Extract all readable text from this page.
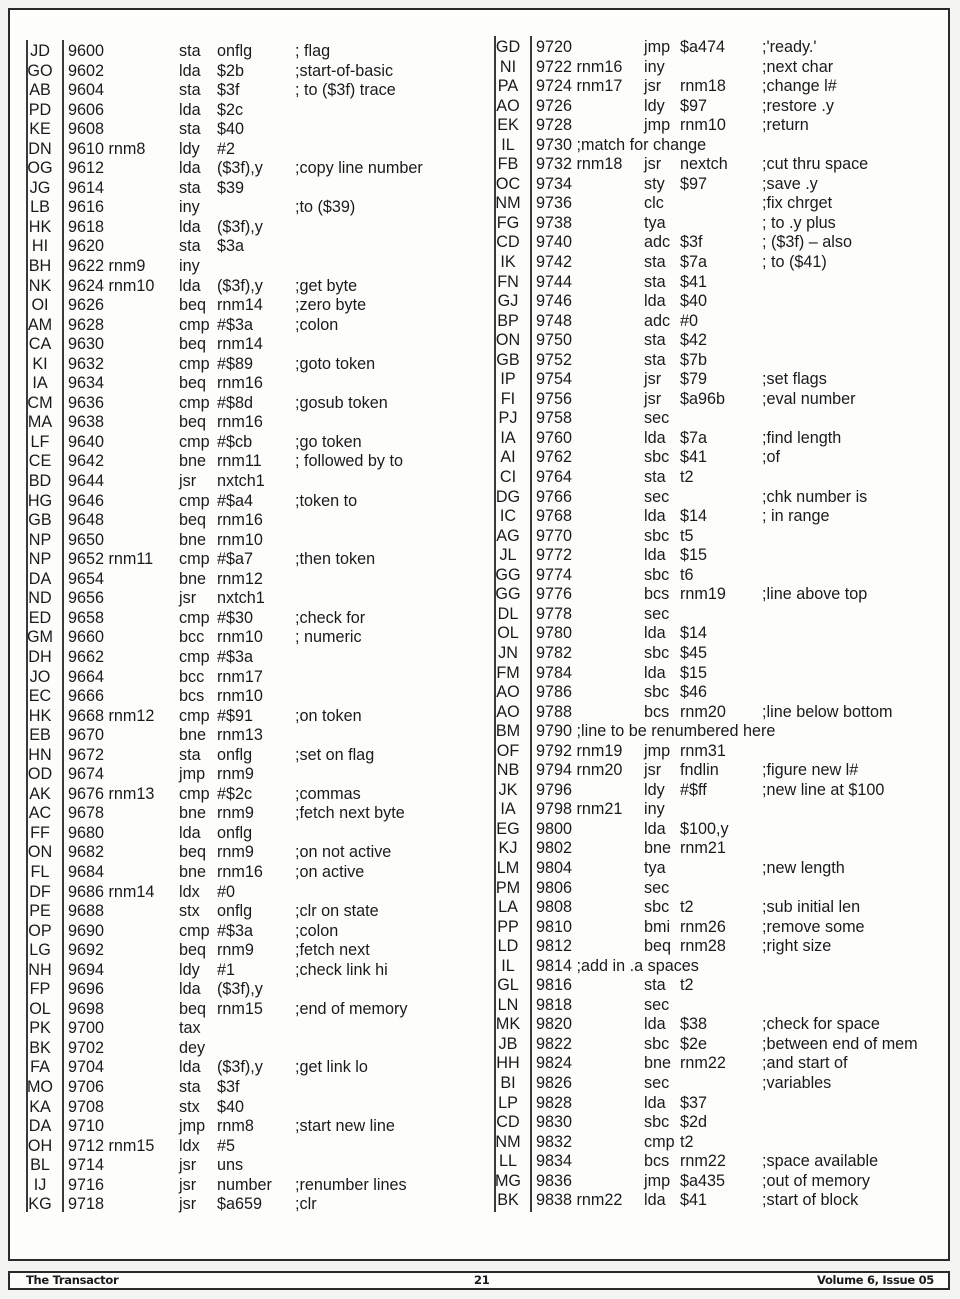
JD	9600	sta onflg	; flag
GO 9602	lda $2b	;start-of-basic
AB	9604	sta $3f	; to ($3f) trace
PD	9606	lda $2c
KE	9608	sta $40
DN	9610 rnm8 ldy #2
OG 9612	lda ($3f),y ;copy line number
JG	9614	sta $39
LB	9616	iny	;to ($39)
HK	9618	lda ($3f),y
HI	9620	sta $3a
BH	9622 rnm9 iny
NK	9624 rnm10 lda ($3f),y ;get byte
OI	9626	beq rnm14 ;zero byte
AM 9628	cmp #$3a	;colon
CA	9630	beq rnm14
KI	9632	cmp #$89	;goto token
IA	9634	beq rnm16
CM 9636	cmp #$8d	;gosub token
MA 9638	beq rnm16
LF	9640	cmp #$cb	;go token
CE	9642	bne rnm11 ; followed by to
BD	9644	jsr nxtch1
HG 9646	cmp #$a4	;token to
GB	9648	beq rnm16
NP	9650	bne rnm10
NP	9652 rnm11 cmp #$a7	;then token
DA	9654	bne rnm12
ND	9656	jsr nxtch1
ED	9658	cmp #$30	;check for
GM 9660	bcc rnm10 ; numeric
DH	9662	cmp #$3a
JO	9664	bcc rnm17
EC	9666	bcs rnm10
HK	9668 rnm12 cmp #$91	;on token
EB	9670	bne rnm13
HN	9672	sta onflg	;set on flag
OD 9674	jmp rnm9
AK	9676 rnm13 cmp #$2c	;commas
AC	9678	bne rnm9	;fetch next byte
FF	9680	lda onflg
ON 9682	beq rnm9	;on not active
FL	9684	bne rnm16 ;on active
DF	9686 rnm14 ldx #0
PE	9688	stx onflg	;clr on state
OP	9690	cmp #$3a	;colon
LG	9692	beq rnm9	;fetch next
NH	9694	ldy #1	;check link hi
FP	9696	lda ($3f),y
OL	9698	beq rnm15 ;end of memory
PK	9700	tax
BK	9702	dey
FA	9704	lda ($3f),y ;get link lo
MO 9706	sta $3f
KA	9708	stx $40
DA	9710	jmp rnm8	;start new line
OH 9712 rnm15 ldx #5
BL	9714	jsr uns
IJ	9716	jsr number ;renumber lines
KG	9718	jsr $a659 ;clr
GD 9720	jmp $a474 ;'ready.'
NI	9722 rnm16 iny	;next char
PA	9724 rnm17 jsr rnm18 ;change l#
AO	9726	ldy $97	;restore .y
EK	9728	jmp rnm10 ;return
IL	9730 ;match for change
FB	9732 rnm18 jsr nextch ;cut thru space
OC 9734	sty $97	;save .y
NM 9736	clc	;fix chrget
FG	9738	tya	; to .y plus
CD	9740	adc $3f	; ($3f) – also
IK	9742	sta $7a	; to ($41)
FN	9744	sta $41
GJ	9746	lda $40
BP	9748	adc #0
ON 9750	sta $42
GB	9752	sta $7b
IP	9754	jsr $79	;set flags
FI	9756	jsr $a96b ;eval number
PJ	9758	sec
IA	9760	lda $7a	;find length
AI	9762	sbc $41	;of
CI	9764	sta t2
DG 9766	sec	;chk number is
IC	9768	lda $14	; in range
AG	9770	sbc t5
JL	9772	lda $15
GG 9774	sbc t6
GG 9776	bcs rnm19 ;line above top
DL	9778	sec
OL	9780	lda $14
JN	9782	sbc $45
FM	9784	lda $15
AO	9786	sbc $46
AO	9788	bcs rnm20 ;line below bottom
BM 9790 ;line to be renumbered here
OF	9792 rnm19 jmp rnm31
NB	9794 rnm20 jsr fndlin	;figure new l#
JK	9796	ldy #$ff	;new line at $100
IA	9798 rnm21 iny
EG	9800	lda $100,y
KJ	9802	bne rnm21
LM	9804	tya	;new length
PM 9806	sec
LA	9808	sbc t2	;sub initial len
PP	9810	bmi rnm26 ;remove some
LD	9812	beq rnm28 ;right size
IL	9814 ;add in .a spaces
GL	9816	sta t2
LN	9818	sec
MK 9820	lda $38	;check for space
JB	9822	sbc $2e	;between end of mem
HH	9824	bne rnm22 ;and start of
BI	9826	sec	;variables
LP	9828	lda $37
CD	9830	sbc $2d
NM 9832	cmp t2
LL	9834	bcs rnm22 ;space available
MG 9836	jmp $a435 ;out of memory
BK	9838 rnm22 lda $41	;start of block
The Transactor	21	Volume 6, Issue 05
